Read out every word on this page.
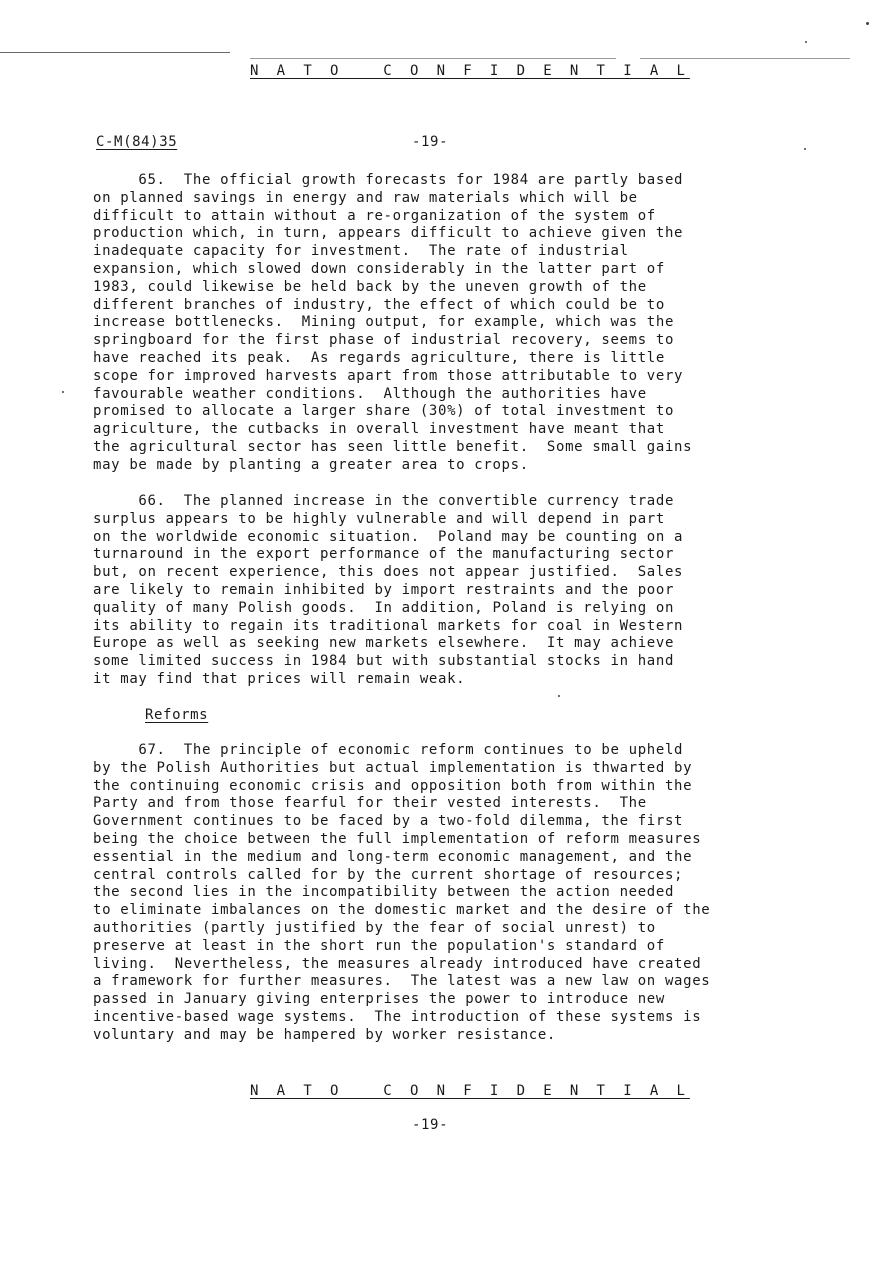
N A T O   C O N F I D E N T I A L
C-M(84)35	-19-
65.  The official growth forecasts for 1984 are partly based
on planned savings in energy and raw materials which will be
difficult to attain without a re-organization of the system of
production which, in turn, appears difficult to achieve given the
inadequate capacity for investment.  The rate of industrial
expansion, which slowed down considerably in the latter part of
1983, could likewise be held back by the uneven growth of the
different branches of industry, the effect of which could be to
increase bottlenecks.  Mining output, for example, which was the
springboard for the first phase of industrial recovery, seems to
have reached its peak.  As regards agriculture, there is little
scope for improved harvests apart from those attributable to very
favourable weather conditions.  Although the authorities have
promised to allocate a larger share (30%) of total investment to
agriculture, the cutbacks in overall investment have meant that
the agricultural sector has seen little benefit.  Some small gains
may be made by planting a greater area to crops.
66.  The planned increase in the convertible currency trade
surplus appears to be highly vulnerable and will depend in part
on the worldwide economic situation.  Poland may be counting on a
turnaround in the export performance of the manufacturing sector
but, on recent experience, this does not appear justified.  Sales
are likely to remain inhibited by import restraints and the poor
quality of many Polish goods.  In addition, Poland is relying on
its ability to regain its traditional markets for coal in Western
Europe as well as seeking new markets elsewhere.  It may achieve
some limited success in 1984 but with substantial stocks in hand
it may find that prices will remain weak.
Reforms
67.  The principle of economic reform continues to be upheld
by the Polish Authorities but actual implementation is thwarted by
the continuing economic crisis and opposition both from within the
Party and from those fearful for their vested interests.  The
Government continues to be faced by a two-fold dilemma, the first
being the choice between the full implementation of reform measures
essential in the medium and long-term economic management, and the
central controls called for by the current shortage of resources;
the second lies in the incompatibility between the action needed
to eliminate imbalances on the domestic market and the desire of the
authorities (partly justified by the fear of social unrest) to
preserve at least in the short run the population's standard of
living.  Nevertheless, the measures already introduced have created
a framework for further measures.  The latest was a new law on wages
passed in January giving enterprises the power to introduce new
incentive-based wage systems.  The introduction of these systems is
voluntary and may be hampered by worker resistance.
N A T O   C O N F I D E N T I A L
-19-
